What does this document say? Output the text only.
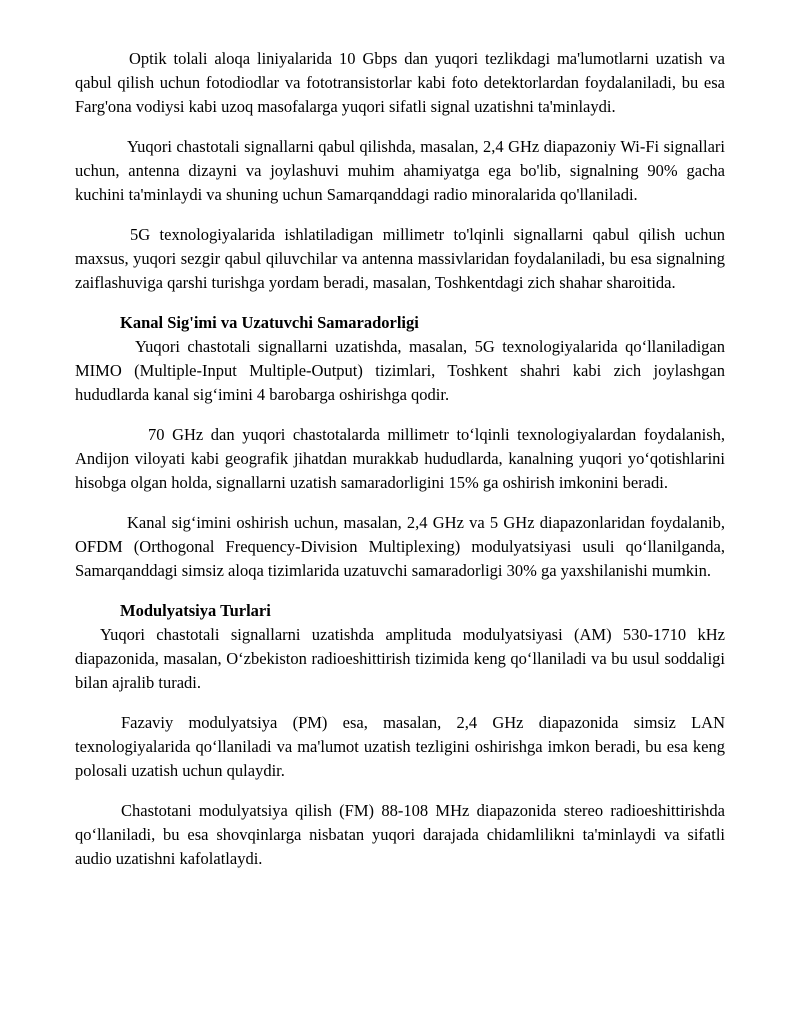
Optik tolali aloqa liniyalarida 10 Gbps dan yuqori tezlikdagi ma'lumotlarni uzatish va qabul qilish uchun fotodiodlar va fototransistorlar kabi foto detektorlardan foydalaniladi, bu esa Farg'ona vodiysi kabi uzoq masofalarga yuqori sifatli signal uzatishni ta'minlaydi.

Yuqori chastotali signallarni qabul qilishda, masalan, 2,4 GHz diapazoniy Wi-Fi signallari uchun, antenna dizayni va joylashuvi muhim ahamiyatga ega bo'lib, signalning 90% gacha kuchini ta'minlaydi va shuning uchun Samarqanddagi radio minoralarida qo'llaniladi.

5G texnologiyalarida ishlatiladigan millimetr to'lqinli signallarni qabul qilish uchun maxsus, yuqori sezgir qabul qiluvchilar va antenna massivlaridan foydalaniladi, bu esa signalning zaiflashuviga qarshi turishga yordam beradi, masalan, Toshkentdagi zich shahar sharoitida.

Kanal Sig'imi va Uzatuvchi Samaradorligi

Yuqori chastotali signallarni uzatishda, masalan, 5G texnologiyalarida qo‘llaniladigan MIMO (Multiple-Input Multiple-Output) tizimlari, Toshkent shahri kabi zich joylashgan hududlarda kanal sig‘imini 4 barobarga oshirishga qodir.

70 GHz dan yuqori chastotalarda millimetr to‘lqinli texnologiyalardan foydalanish, Andijon viloyati kabi geografik jihatdan murakkab hududlarda, kanalning yuqori yo‘qotishlarini hisobga olgan holda, signallarni uzatish samaradorligini 15% ga oshirish imkonini beradi.

Kanal sig‘imini oshirish uchun, masalan, 2,4 GHz va 5 GHz diapazonlaridan foydalanib, OFDM (Orthogonal Frequency-Division Multiplexing) modulyatsiyasi usuli qo‘llanilganda, Samarqanddagi simsiz aloqa tizimlarida uzatuvchi samaradorligi 30% ga yaxshilanishi mumkin.

Modulyatsiya Turlari

Yuqori chastotali signallarni uzatishda amplituda modulyatsiyasi (AM) 530-1710 kHz diapazonida, masalan, O‘zbekiston radioeshittirish tizimida keng qo‘llaniladi va bu usul soddaligi bilan ajralib turadi.

Fazaviy modulyatsiya (PM) esa, masalan, 2,4 GHz diapazonida simsiz LAN texnologiyalarida qo‘llaniladi va ma'lumot uzatish tezligini oshirishga imkon beradi, bu esa keng polosali uzatish uchun qulaydir.

Chastotani modulyatsiya qilish (FM) 88-108 MHz diapazonida stereo radioeshittirishda qo‘llaniladi, bu esa shovqinlarga nisbatan yuqori darajada chidamlilikni ta'minlaydi va sifatli audio uzatishni kafolatlaydi.
